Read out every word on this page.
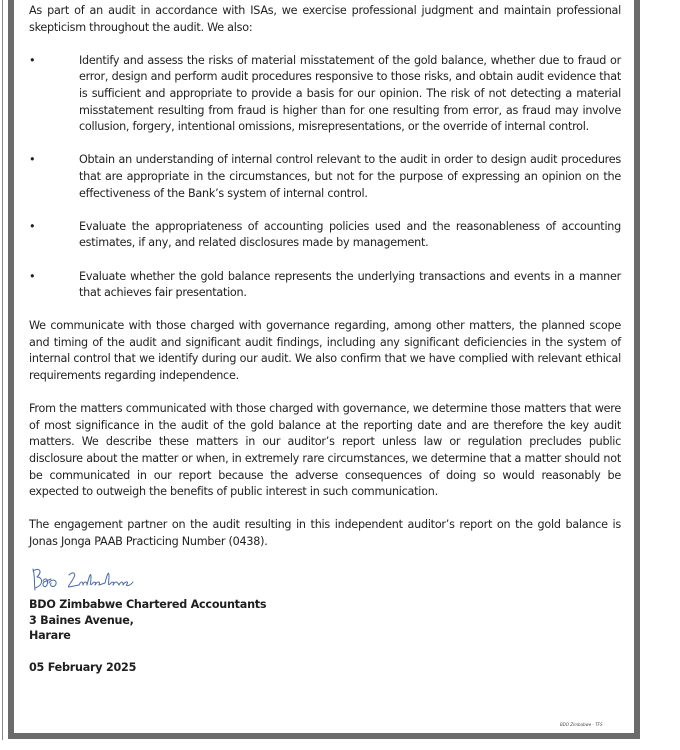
As part of an audit in accordance with ISAs, we exercise professional judgment and maintain professional skepticism throughout the audit. We also:

•	Identify and assess the risks of material misstatement of the gold balance, whether due to fraud or error, design and perform audit procedures responsive to those risks, and obtain audit evidence that is sufficient and appropriate to provide a basis for our opinion. The risk of not detecting a material misstatement resulting from fraud is higher than for one resulting from error, as fraud may involve collusion, forgery, intentional omissions, misrepresentations, or the override of internal control.
•	Obtain an understanding of internal control relevant to the audit in order to design audit procedures that are appropriate in the circumstances, but not for the purpose of expressing an opinion on the effectiveness of the Bank’s system of internal control.
•	Evaluate the appropriateness of accounting policies used and the reasonableness of accounting estimates, if any, and related disclosures made by management.
•	Evaluate whether the gold balance represents the underlying transactions and events in a manner that achieves fair presentation.

We communicate with those charged with governance regarding, among other matters, the planned scope and timing of the audit and significant audit findings, including any significant deficiencies in the system of internal control that we identify during our audit. We also confirm that we have complied with relevant ethical requirements regarding independence.

From the matters communicated with those charged with governance, we determine those matters that were of most significance in the audit of the gold balance at the reporting date and are therefore the key audit matters. We describe these matters in our auditor’s report unless law or regulation precludes public disclosure about the matter or when, in extremely rare circumstances, we determine that a matter should not be communicated in our report because the adverse consequences of doing so would reasonably be expected to outweigh the benefits of public interest in such communication.

The engagement partner on the audit resulting in this independent auditor’s report on the gold balance is Jonas Jonga PAAB Practicing Number (0438).

BDO Zimbabwe Chartered Accountants
3 Baines Avenue,
Harare
05 February 2025
BDO Zimbabwe - TFS
